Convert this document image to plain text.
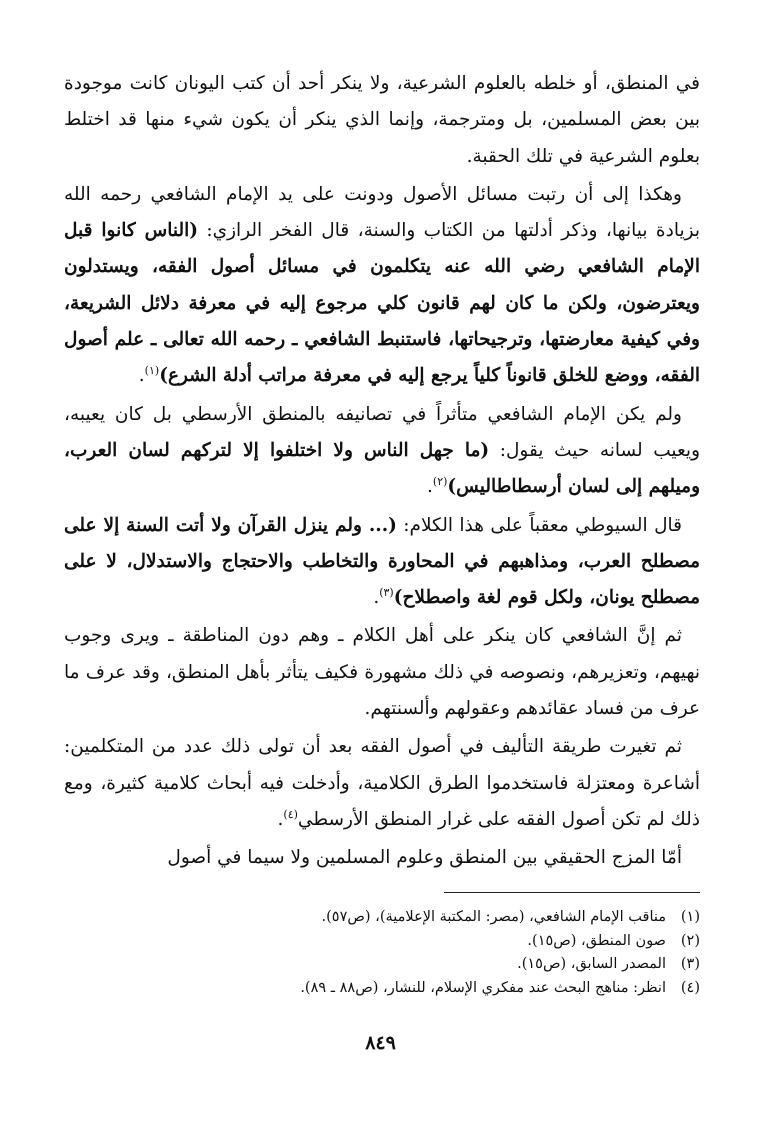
في المنطق، أو خلطه بالعلوم الشرعية، ولا ينكر أحد أن كتب اليونان كانت موجودة بين بعض المسلمين، بل ومترجمة، وإنما الذي ينكر أن يكون شيء منها قد اختلط بعلوم الشرعية في تلك الحقبة.

وهكذا إلى أن رتبت مسائل الأصول ودونت على يد الإمام الشافعي رحمه الله بزيادة بيانها، وذكر أدلتها من الكتاب والسنة، قال الفخر الرازي: (الناس كانوا قبل الإمام الشافعي رضي الله عنه يتكلمون في مسائل أصول الفقه، ويستدلون ويعترضون، ولكن ما كان لهم قانون كلي مرجوع إليه في معرفة دلائل الشريعة، وفي كيفية معارضتها، وترجيحاتها، فاستنبط الشافعي ـ رحمه الله تعالى ـ علم أصول الفقه، ووضع للخلق قانوناً كلياً يرجع إليه في معرفة مراتب أدلة الشرع)$^{(١)}$.

ولم يكن الإمام الشافعي متأثراً في تصانيفه بالمنطق الأرسطي بل كان يعيبه، ويعيب لسانه حيث يقول: (ما جهل الناس ولا اختلفوا إلا لتركهم لسان العرب، وميلهم إلى لسان أرسطاطاليس)$^{(٢)}$.

قال السيوطي معقباً على هذا الكلام: (... ولم ينزل القرآن ولا أتت السنة إلا على مصطلح العرب، ومذاهبهم في المحاورة والتخاطب والاحتجاج والاستدلال، لا على مصطلح يونان، ولكل قوم لغة واصطلاح)$^{(٣)}$.

ثم إنَّ الشافعي كان ينكر على أهل الكلام ـ وهم دون المناطقة ـ ويرى وجوب نهيهم، وتعزيرهم، ونصوصه في ذلك مشهورة فكيف يتأثر بأهل المنطق، وقد عرف ما عرف من فساد عقائدهم وعقولهم وألسنتهم.

ثم تغيرت طريقة التأليف في أصول الفقه بعد أن تولى ذلك عدد من المتكلمين: أشاعرة ومعتزلة فاستخدموا الطرق الكلامية، وأدخلت فيه أبحاث كلامية كثيرة، ومع ذلك لم تكن أصول الفقه على غرار المنطق الأرسطي$^{(٤)}$.

أمّا المزج الحقيقي بين المنطق وعلوم المسلمين ولا سيما في أصول

(١)مناقب الإمام الشافعي، (مصر: المكتبة الإعلامية)، (ص٥٧).

(٢)صون المنطق، (ص١٥).

(٣)المصدر السابق، (ص١٥).

(٤)انظر: مناهج البحث عند مفكري الإسلام، للنشار، (ص٨٨ ـ ٨٩).

٨٤٩
